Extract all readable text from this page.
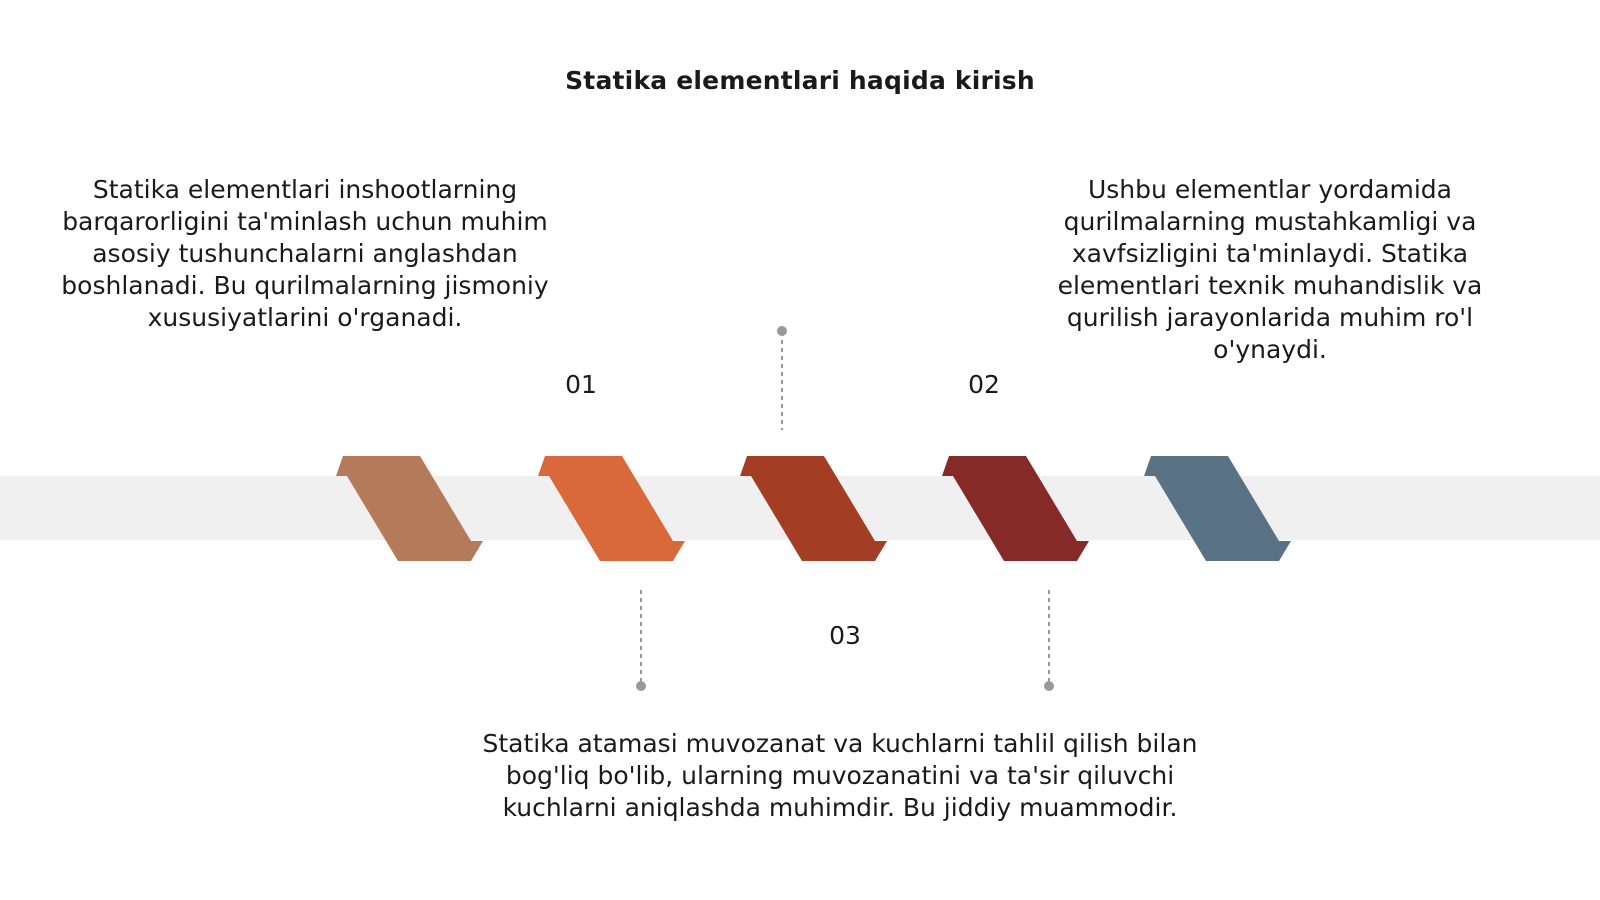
Statika elementlari haqida kirish
01	02
03
Statika elementlari inshootlarning barqarorligini ta'minlash uchun muhim asosiy tushunchalarni anglashdan boshlanadi. Bu qurilmalarning jismoniy xususiyatlarini o'rganadi.
Ushbu elementlar yordamida qurilmalarning mustahkamligi va xavfsizligini ta'minlaydi. Statika elementlari texnik muhandislik va qurilish jarayonlarida muhim ro'l o'ynaydi.
Statika atamasi muvozanat va kuchlarni tahlil qilish bilan bog'liq bo'lib, ularning muvozanatini va ta'sir qiluvchi kuchlarni aniqlashda muhimdir. Bu jiddiy muammodir.
